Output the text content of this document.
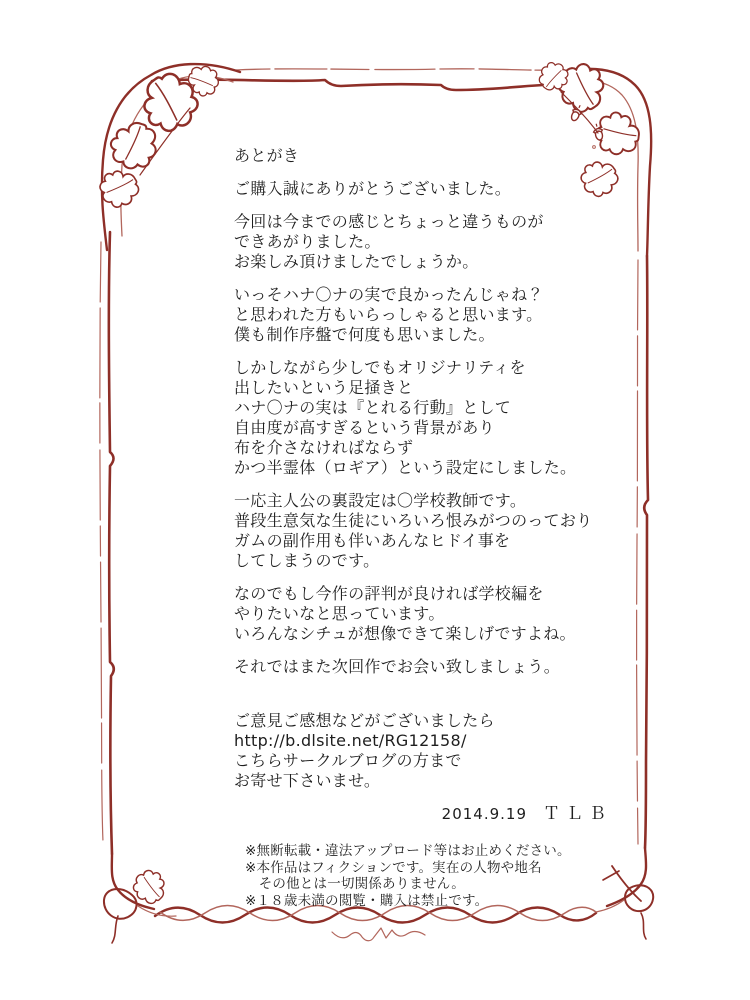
あとがき
ご購入誠にありがとうございました。
今回は今までの感じとちょっと違うものが
できあがりました。
お楽しみ頂けましたでしょうか。
いっそハナ〇ナの実で良かったんじゃね？
と思われた方もいらっしゃると思います。
僕も制作序盤で何度も思いました。
しかしながら少しでもオリジナリティを
出したいという足掻きと
ハナ〇ナの実は『とれる行動』として
自由度が高すぎるという背景があり
布を介さなければならず
かつ半霊体（ロギア）という設定にしました。
一応主人公の裏設定は〇学校教師です。
普段生意気な生徒にいろいろ恨みがつのっており
ガムの副作用も伴いあんなヒドイ事を
してしまうのです。
なのでもし今作の評判が良ければ学校編を
やりたいなと思っています。
いろんなシチュが想像できて楽しげですよね。
それではまた次回作でお会い致しましょう。
ご意見ご感想などがございましたら
http://b.dlsite.net/RG12158/
こちらサークルブログの方まで
お寄せ下さいませ。
2014.9.19 ＴＬＢ
※無断転載・違法アップロード等はお止めください。
※本作品はフィクションです。実在の人物や地名
　その他とは一切関係ありません。
※１８歳未満の閲覧・購入は禁止です。
